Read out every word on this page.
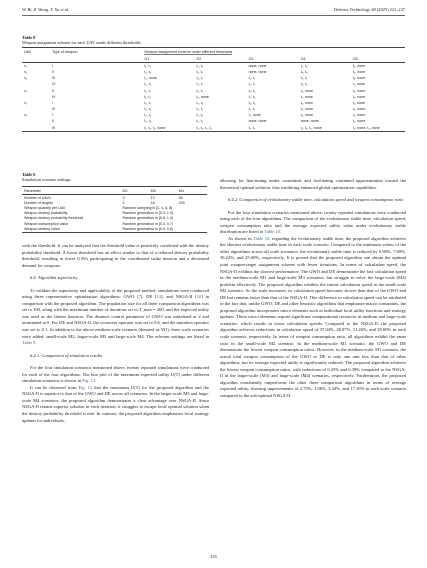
W. Bi, Z. Wang, Y. Xu et al.	Defence Technology 48 (2025) 221–237
Table 8
Weapon assignment scheme for each UAV under different thresholds.
UAV	Type of weapon	Weapon assignment scheme under different thresholds				
		G1	G2	G3	G4	G5
v₁	I	t₁, t₃	t₃, t₆	none, none	t₁, t₅	t₂, none
v₂	II	t₄, t₈	t₁, t₂	none, none	t₃, t₈	t₃, none
v₃	III	t₂, none	t₄, t₅	t₁, t₂	t₁, t₂	t₈, none
	IV	t₂, t₄	t₅, t₇	t₁, t₂	t₂, t₆	t₁, none
v₄	II	t₅, t₇	t₂, t₇	t₂, t₄	t₂, none	t₃, none
	IV	t₁, t₇	t₄, none	t₁, t₈	t₁, none	t₄, none
v₅	I	t₂, t₇	t₂, t₆	t₃, t₄	t₃, none	t₁, none
	III	t₂, t₄	t₂, t₅	t₁, t₇	t₂, none	t₅, none
v₆	I	t₂, t₄	t₁, t₈	t₁, none	t₂, none	t₂, none
	II	t₃, t₄	t₁, t₃	none, none	none, none	t₂, none
	III	t₁, t₂, t₅, none	t₁, t₂, t₃, t₄	t₁, t₂	t₁, t₄, t₆, none	t₂, none, t₄, none
Table 9
Simulation scenario settings.
Parameter	M2	M3	M4
Number of UAVs	3	12	50
Number of targets	3	18	100
Weapon quantity per UAV	Random sampling in [2, 4, 6, 8]		
Weapon destroy probability	Random generation in [0.3, 1.0)		
Weapon destroy probability threshold	Random generation in [0.8, 1.0)		
Weapon consumption value	Random generation in [0.4, 0.7)		
Weapon destroy value	Random generation in [0.4, 0.6)		

with the threshold. It can be analyzed that the threshold value is positively correlated with the destroy probability threshold. A lower threshold has an effect similar to that of a reduced destroy probability threshold, resulting in fewer UAVs participating in the coordinated strike mission and a decreased demand for weapons.

6.4. Algorithm superiority

To validate the superiority and applicability of the proposed method, simulations were conducted using three representative optimization algorithms: GWO [7], DE [13], and NSGA-II [10] in comparison with the proposed algorithm. The population size for all three comparison algorithms was set to 100, along with the maximum number of iterations set to T_max = 200, and the expected utility was used as the fitness function. The distance control parameter of GWO was initialized at 2 and terminated at 0. For DE and NSGA-II, the crossover operator was set to 0.6, and the mutation operator was set to 0.1. In addition to the above medium-scale scenario (denoted as M1), three scale scenarios were added: small-scale M2, larger-scale M3 and large-scale M4. The relevant settings are listed in Table 9.

6.4.1. Comparison of simulation results

For the four simulation scenarios mentioned above, twenty repeated simulations were conducted for each of the four algorithms. The box plot of the maximum expected utility U(T) under different simulation scenarios is shown in Fig. 13.

It can be observed from Fig. 13 that the maximum U(T) for the proposed algorithm and the NSGA-II is superior to that of the GWO and DE across all scenarios. In the larger-scale M3 and large-scale M4 scenarios, the proposed algorithm demonstrates a clear advantage over NSGA-II. Since NSGA-II retains superior solution in each iteration, it struggles to escape local optimal solution when the destroy probability threshold is met. In contrast, the proposed algorithm emphasizes local strategy updates for individuals,

allowing for fine-tuning under constraints and facilitating continued approximation toward the theoretical optimal solution, thus exhibiting enhanced global optimization capabilities.

6.4.2. Comparison of evolutionary stable time, calculation speed and weapon consumption ratio

For the four simulation scenarios mentioned above, twenty repeated simulations were conducted using each of the four algorithms. The comparison of the evolutionary stable time, calculation speed, weapon consumption ratio and the average expected utility value under evolutionary stable distribution are listed in Table 10.

As shown in Table 10, regarding the evolutionary stable time, the proposed algorithm achieves the shortest evolutionary stable time in each scale scenario. Compared to the minimum values of the other algorithms across all scale scenarios, the evolutionary stable time is reduced by 6.98%, 7.69%, 38.24%, and 25.00%, respectively. It is proved that the proposed algorithm can obtain the optimal joint weapon-target assignment scheme with fewer iterations. In terms of calculation speed, the NSGA-II exhibits the slowest performance. The GWO and DE demonstrate the fast calculation speed in the medium-scale M1 and large-scale M3 scenarios, but struggle to solve the large-scale (M4) problem effectively. The proposed algorithm exhibits the fastest calculation speed in the small-scale M2 scenario. As the scale increases, its calculation speed becomes slower than that of the GWO and DE but remains faster than that of the NSGA-II. This difference in calculation speed can be attributed to the fact that, unlike GWO, DE and other heuristic algorithms that emphasize macro constraints, the proposed algorithm incorporates micro elements such as individual local utility functions and strategy updates. These micro elements require significant computational resources in medium and large-scale scenarios, which results in lower calculation speeds. Compared to the NSGA-II, the proposed algorithm achieves reductions in calculation speed of 37.04%, 28.97%, 11.26%, and 35.00% in each scale scenario, respectively. In terms of weapon consumption ratio, all algorithms exhibit the same ratio in the small-scale M2 scenario. In the medium-scale M1 scenario, the GWO and DE demonstrate the lowest weapon consumption ratios. However, in the medium-scale M1 scenario, the actual total weapon consumption of the GWO or DE is only one unit less than that of other algorithms, but its average expected utility is significantly reduced. The proposed algorithm achieves the lowest weapon consumption ratios, with reductions of 6.25% and 6.38% compared to the NSGA-II in the larger-scale (M3) and large-scale (M4) scenarios, respectively. Furthermore, the proposed algorithm consistently outperforms the other three comparison algorithms in terms of average expected utility, showing improvements of 2.75%, 1.06%, 3.34%, and 17.18% in each scale scenario compared to the sub-optimal NSGA-II.

235
